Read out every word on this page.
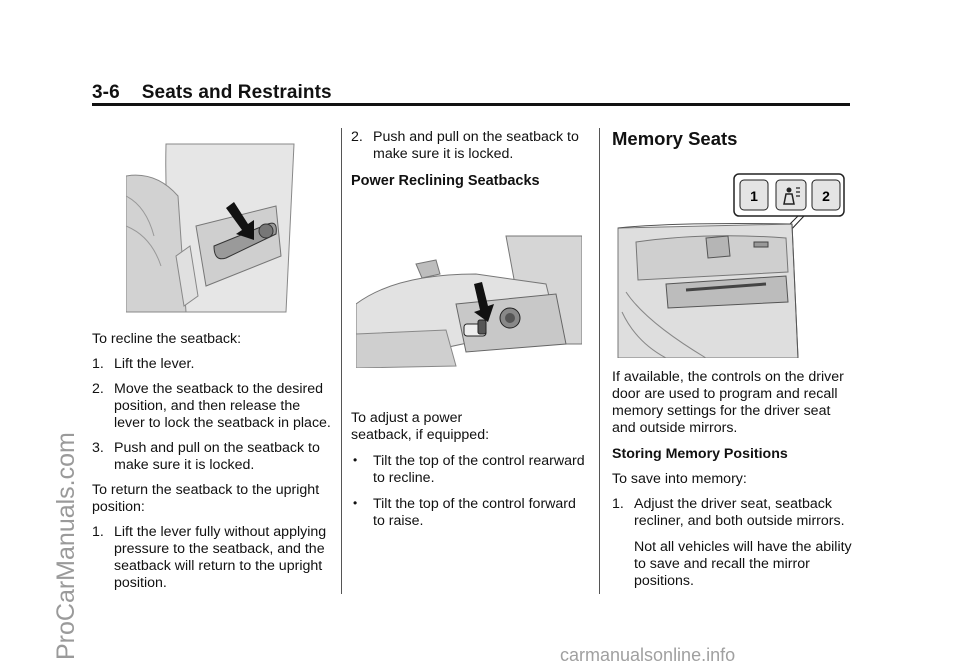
3-6 Seats and Restraints
ProCarManuals.com	carmanualsonline.info

To recline the seatback:

1. Lift the lever.
2. Move the seatback to the desired position, and then release the lever to lock the seatback in place.
3. Push and pull on the seatback to make sure it is locked.

To return the seatback to the upright position:

1. Lift the lever fully without applying pressure to the seatback, and the seatback will return to the upright position.
2. Push and pull on the seatback to make sure it is locked.
Power Reclining Seatbacks

To adjust a power seatback, if equipped:

• Tilt the top of the control rearward to recline.
• Tilt the top of the control forward to raise.
Memory Seats
1	2

If available, the controls on the driver door are used to program and recall memory settings for the driver seat and outside mirrors.

Storing Memory Positions

To save into memory:

1. Adjust the driver seat, seatback recliner, and both outside mirrors.

Not all vehicles will have the ability to save and recall the mirror positions.
